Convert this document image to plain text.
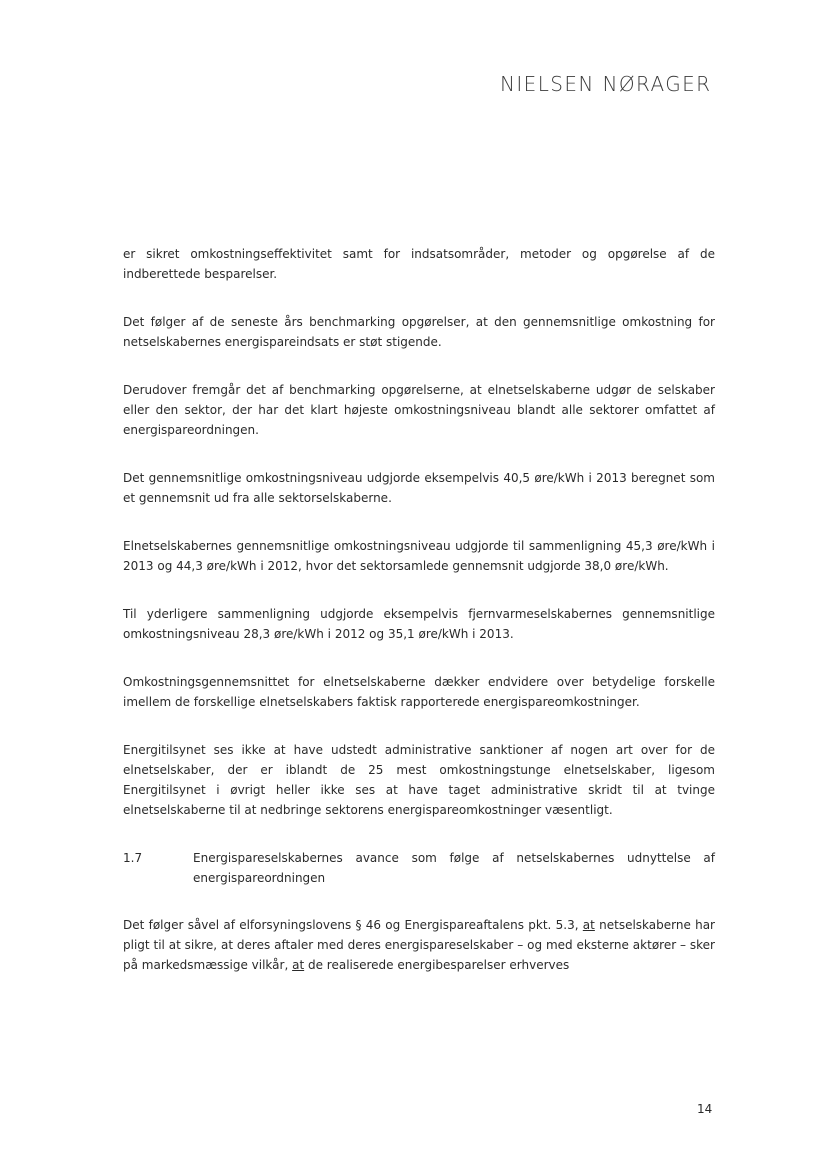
NIELSEN NØRAGER

er sikret omkostningseffektivitet samt for indsatsområder, metoder og opgørelse af de indberettede besparelser.

Det følger af de seneste års benchmarking opgørelser, at den gennemsnitlige omkostning for netselskabernes energispareindsats er støt stigende.

Derudover fremgår det af benchmarking opgørelserne, at elnetselskaberne udgør de selskaber eller den sektor, der har det klart højeste omkostningsniveau blandt alle sektorer omfattet af energispareordningen.

Det gennemsnitlige omkostningsniveau udgjorde eksempelvis 40,5 øre/kWh i 2013 beregnet som et gennemsnit ud fra alle sektorselskaberne.

Elnetselskabernes gennemsnitlige omkostningsniveau udgjorde til sammenligning 45,3 øre/kWh i 2013 og 44,3 øre/kWh i 2012, hvor det sektorsamlede gennemsnit udgjorde 38,0 øre/kWh.

Til yderligere sammenligning udgjorde eksempelvis fjernvarmeselskabernes gennemsnitlige omkostningsniveau 28,3 øre/kWh i 2012 og 35,1 øre/kWh i 2013.

Omkostningsgennemsnittet for elnetselskaberne dækker endvidere over betydelige forskelle imellem de forskellige elnetselskabers faktisk rapporterede energispareomkostninger.

Energitilsynet ses ikke at have udstedt administrative sanktioner af nogen art over for de elnetselskaber, der er iblandt de 25 mest omkostningstunge elnetselskaber, ligesom Energitilsynet i øvrigt heller ikke ses at have taget administrative skridt til at tvinge elnetselskaberne til at nedbringe sektorens energispareomkostninger væsentligt.

1.7	Energispareselskabernes avance som følge af netselskabernes udnyttelse af energispareordningen

Det følger såvel af elforsyningslovens § 46 og Energispareaftalens pkt. 5.3, at netselskaberne har pligt til at sikre, at deres aftaler med deres energispareselskaber – og med eksterne aktører – sker på markedsmæssige vilkår, at de realiserede energibesparelser erhverves

14
